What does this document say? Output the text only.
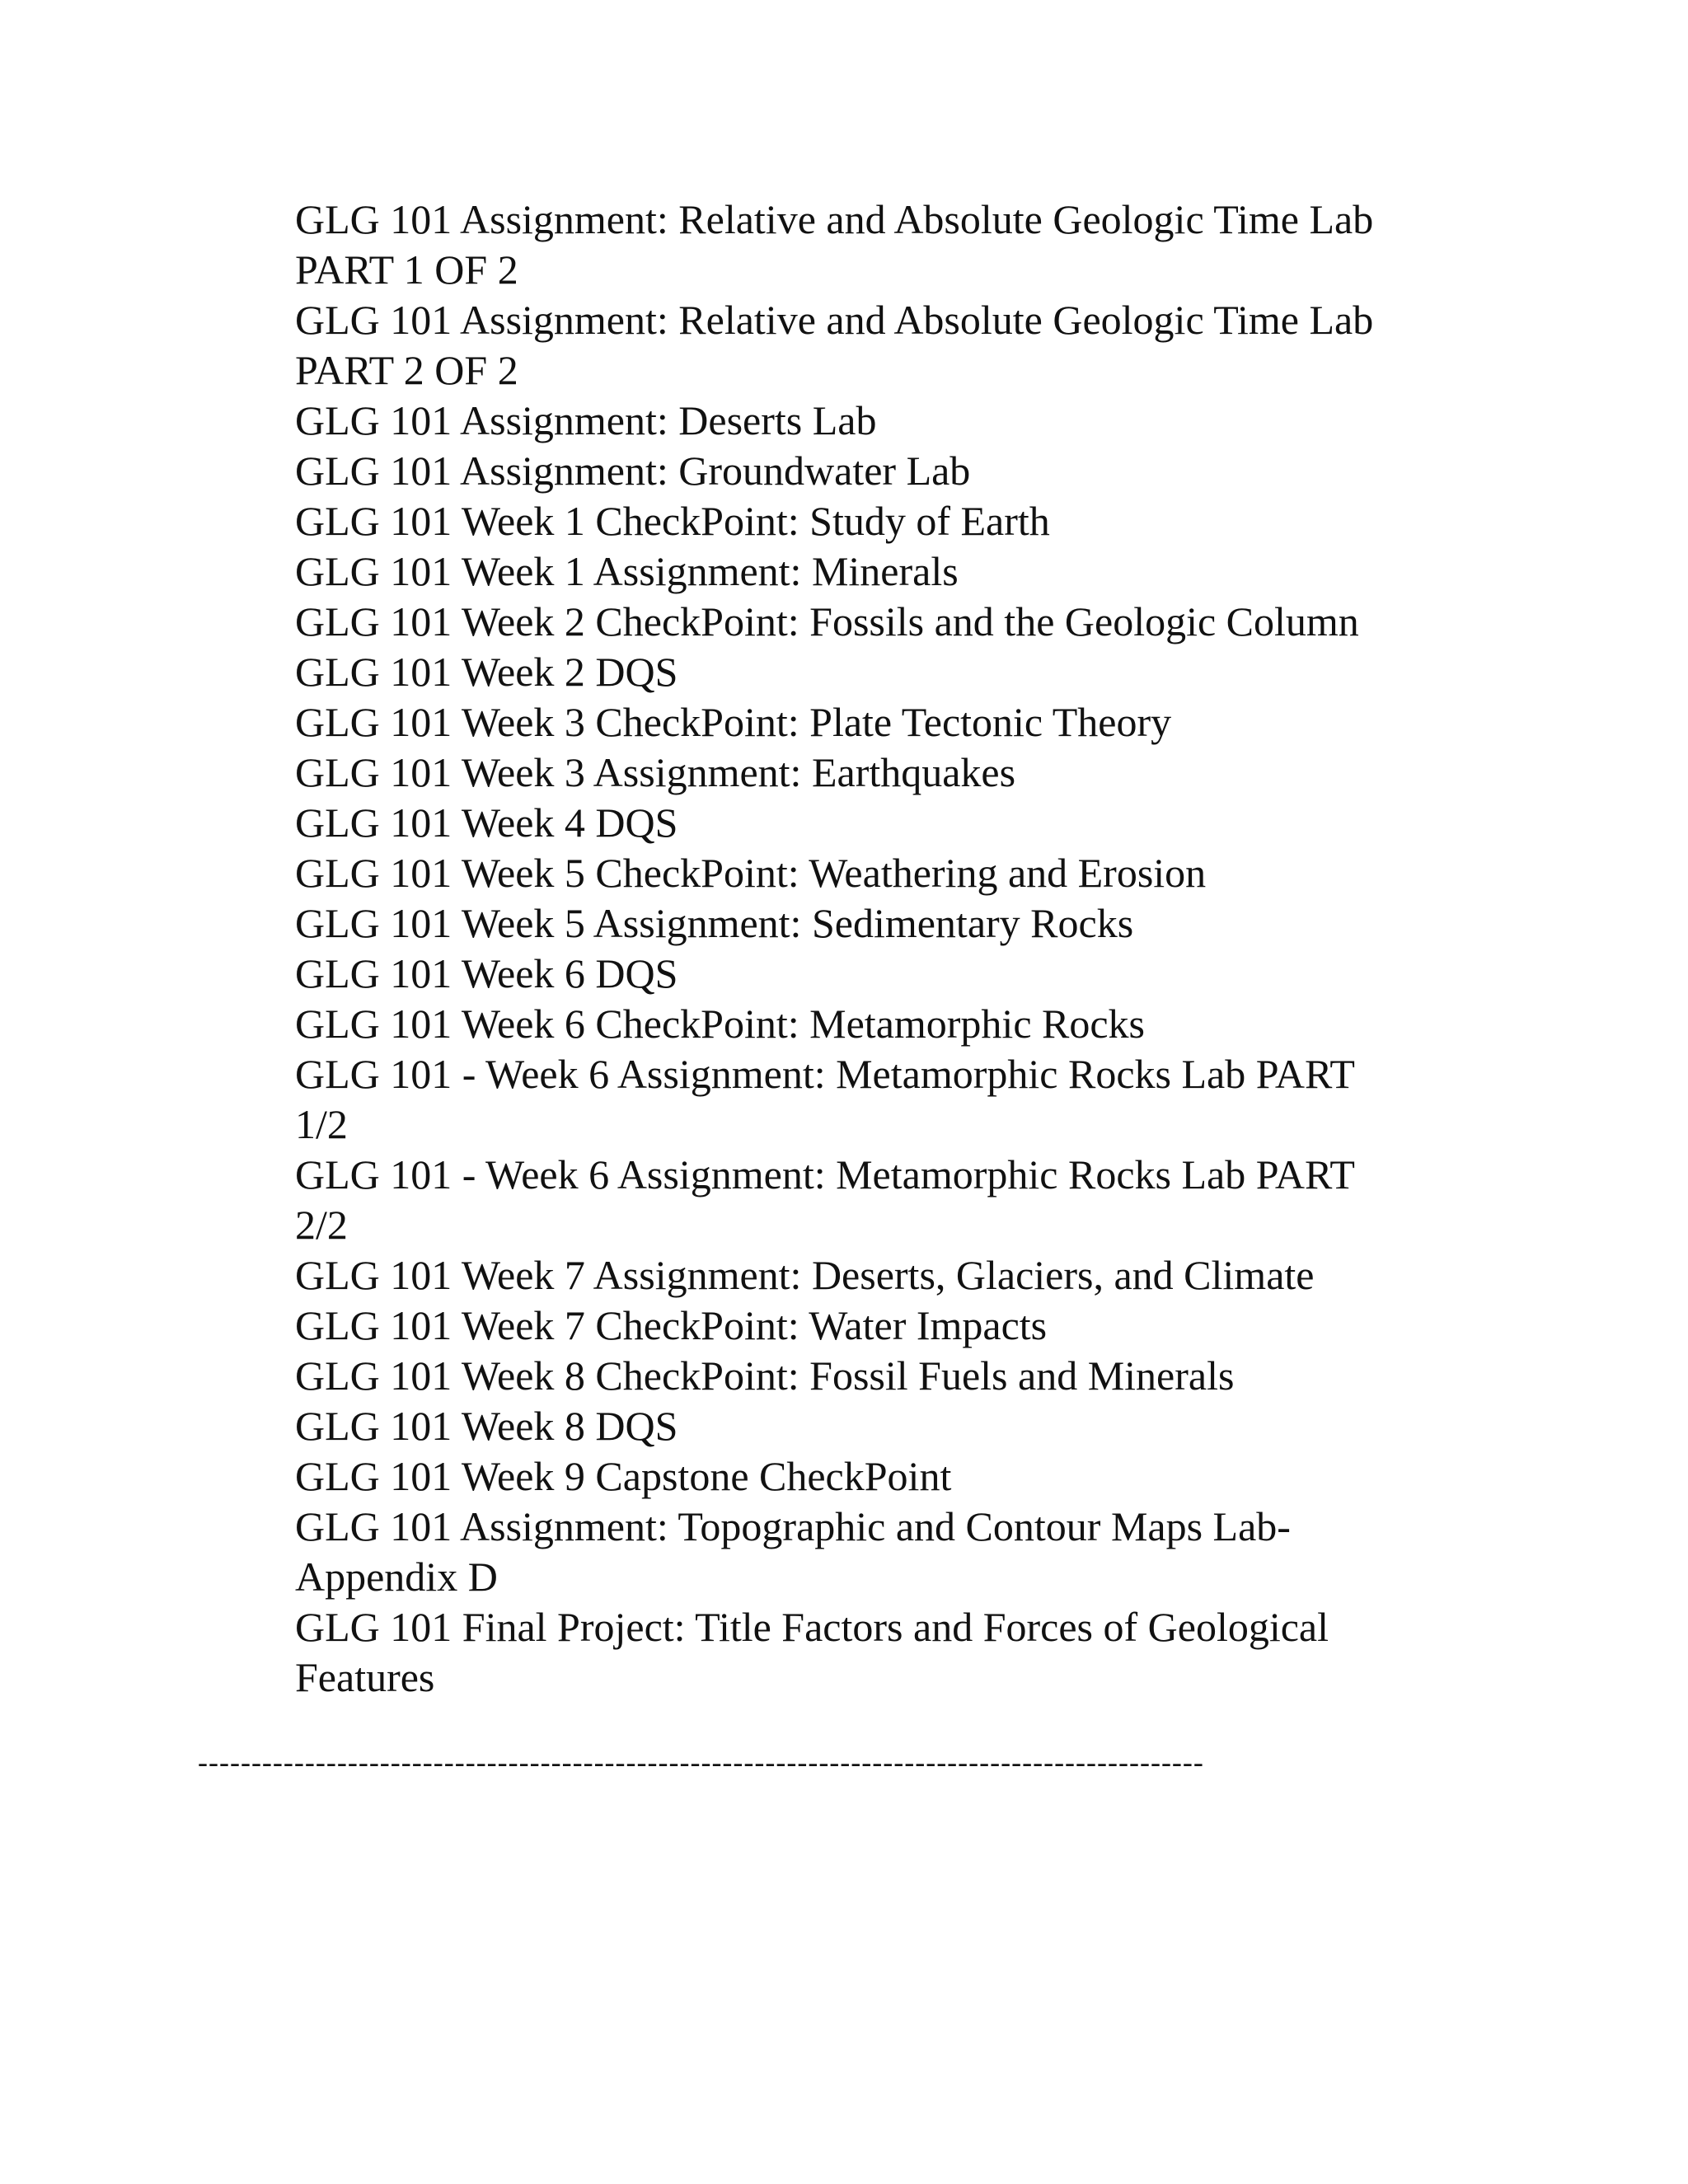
GLG 101 Assignment: Relative and Absolute Geologic Time Lab
PART 1 OF 2
GLG 101 Assignment: Relative and Absolute Geologic Time Lab
PART 2 OF 2
GLG 101 Assignment: Deserts Lab
GLG 101 Assignment: Groundwater Lab
GLG 101 Week 1 CheckPoint: Study of Earth
GLG 101 Week 1 Assignment: Minerals
GLG 101 Week 2 CheckPoint: Fossils and the Geologic Column
GLG 101 Week 2 DQS
GLG 101 Week 3 CheckPoint: Plate Tectonic Theory
GLG 101 Week 3 Assignment: Earthquakes
GLG 101 Week 4 DQS
GLG 101 Week 5 CheckPoint: Weathering and Erosion
GLG 101 Week 5 Assignment: Sedimentary Rocks
GLG 101 Week 6 DQS
GLG 101 Week 6 CheckPoint: Metamorphic Rocks
GLG 101 - Week 6 Assignment: Metamorphic Rocks Lab PART
1/2
GLG 101 - Week 6 Assignment: Metamorphic Rocks Lab PART
2/2
GLG 101 Week 7 Assignment: Deserts, Glaciers, and Climate
GLG 101 Week 7 CheckPoint: Water Impacts
GLG 101 Week 8 CheckPoint: Fossil Fuels and Minerals
GLG 101 Week 8 DQS
GLG 101 Week 9 Capstone CheckPoint
GLG 101 Assignment: Topographic and Contour Maps Lab-
Appendix D
GLG 101 Final Project: Title Factors and Forces of Geological
Features
----------------------------------------------------------------------------------------------
